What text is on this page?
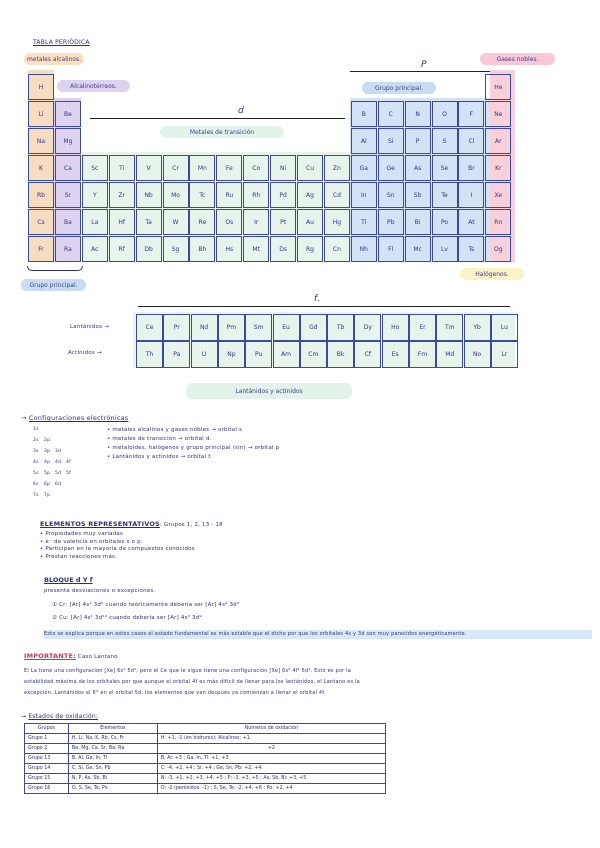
TABLA PERIÓDICA
metales alcalinos.
Alcalinotérreos.
Gases nobles.
Grupo principal.
Grupo principal.
Metales de transición
Halógenos.
Lantánidos y actínidos
d
P
f.
H	He
Li	Be	B	C	N	O	F	Ne
Na	Mg	Al	Si	P	S	Cl	Ar
K	Ca	Sc	Ti	V	Cr	Mn	Fe	Co	Ni	Cu	Zn	Ga	Ge	As	Se	Br	Kr
Rb	Sr	Y	Zr	Nb	Mo	Tc	Ru	Rh	Pd	Ag	Cd	In	Sn	Sb	Te	I	Xe
Cs	Ba	La	Hf	Ta	W	Re	Os	Ir	Pt	Au	Hg	Tl	Pb	Bi	Po	At	Rn
Fr	Ra	Ac	Rf	Db	Sg	Bh	Hs	Mt	Ds	Rg	Cn	Nh	Fl	Mc	Lv	Ts	Og
Lantánidos →
Actínidos →
Ce	Pr	Nd	Pm	Sm	Eu	Gd	Tb	Dy	Ho	Er	Tm	Yb	Lu
Th	Pa	U	Np	Pu	Am	Cm	Bk	Cf	Es	Fm	Md	No	Lr
→ Configuraciones electrónicas
1s
2s 2p
3s 3p 3d
4s 4p 4d 4f
5s 5p 5d 5f
6s 6p 6d
7s 7p
• metales alcalinos y gases nobles → orbital s
• metales de transición → orbital d.
• metaloides, halógenos y grupo principal (sin) → orbital p
• Lantánidos y actínidos → orbital f.
ELEMENTOS REPRESENTATIVOS: Grupos 1, 2, 13 - 18
• Propiedades muy variadas
• e⁻ de valencia en orbitales s o p.
• Participan en la mayoría de compuestos conocidos
• Prestan reacciones más.
BLOQUE d Y f
presenta desviaciones o excepciones.
① Cr: [Ar] 4s¹ 3d⁵ cuando teóricamente debería ser [Ar] 4s² 3d⁴
② Cu: [Ar] 4s¹ 3d¹⁰ cuando debería ser [Ar] 4s² 3d⁹
Esto se explica porque en estos casos el estado fundamental es más estable que el dicho por que los orbitales 4s y 3d son muy parecidos energéticamente.
IMPORTANTE: Caso Lantano
El La tiene una configuración [Xe] 6s² 5d¹, pero el Ce que le sigue tiene una configuración [Xe] 6s² 4f¹ 5d¹. Esto es por la
estabilidad máxima de los orbitales por que aunque el orbital 4f es más difícil de llenar para los lantánidos, el Lantano es la
excepción. Lantánidos el 6° en el orbital 5d, los elementos que van después ya comienzan a llenar el orbital 4f.
→ Estados de oxidación:
Grupos	Elementos	Números de oxidación
Grupo 1	H, Li, Na, K, Rb, Cs, Fr	H: +1, -1 (en hidruros); Alcalinos: +1.
Grupo 2	Be, Mg, Ca, Sr, Ba, Ra	+2
Grupo 13	B, Al, Ga, In, Tl	B, Al: +3 ; Ga, In, Tl: +1, +3
Grupo 14	C, Si, Ge, Sn, Pb	C: -4, +2, +4 ; Si: +4 ; Ge, Sn, Pb: +2, +4.
Grupo 15	N, P, As, Sb, Bi	N: -3, +1, +2, +3, +4, +5 ; P: -3, +3, +5 ; As, Sb, Bi: +3, +5
Grupo 16	O, S, Se, Te, Po	O: -2 (peróxidos: -1) ; S, Se, Te: -2, +4, +6 ; Po: +2, +4
